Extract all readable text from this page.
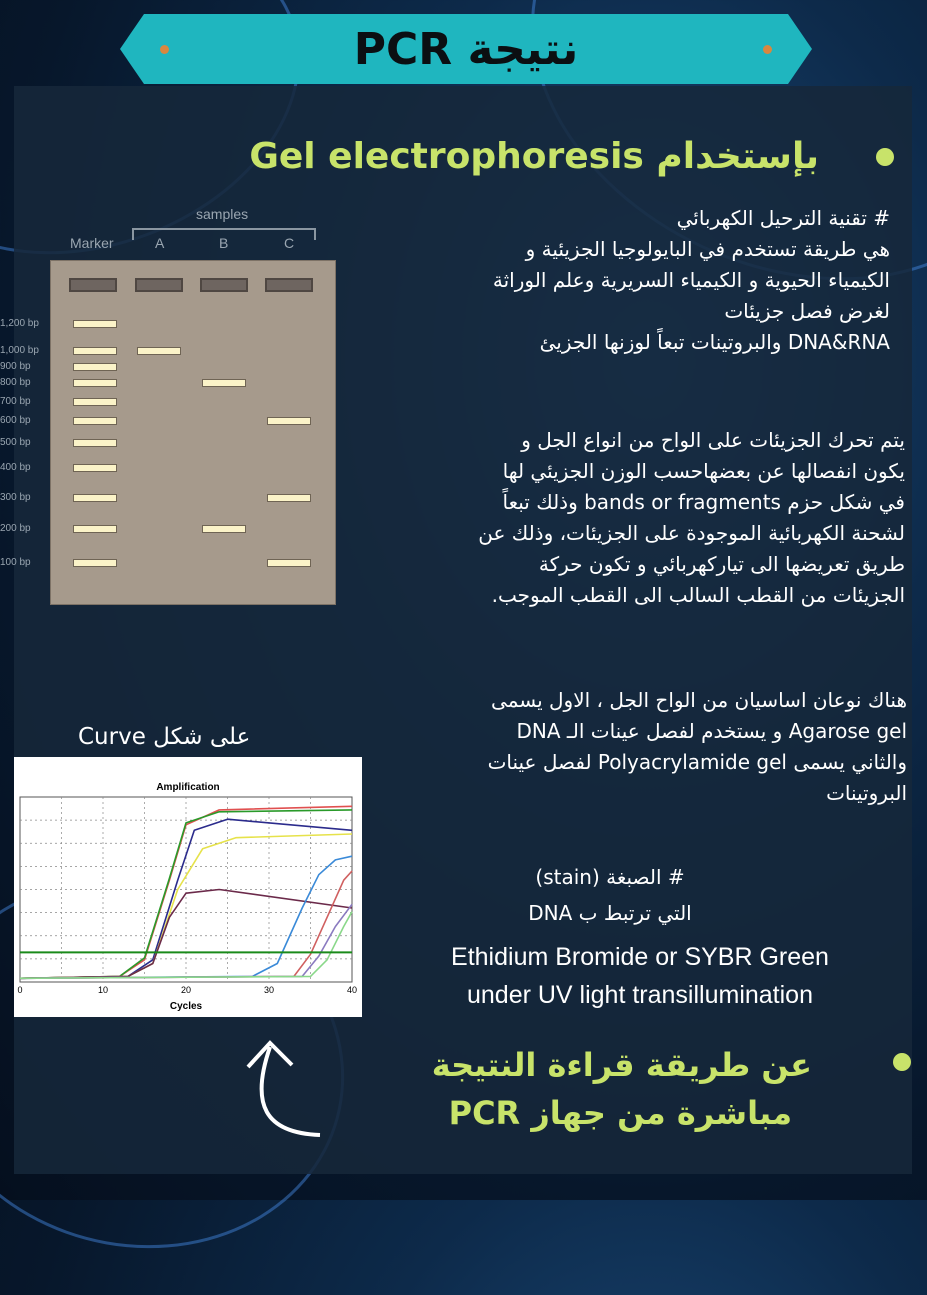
نتيجة PCR
بإستخدام Gel electrophoresis
samples
Marker	A	B	C
1,200 bp
1,000 bp
900 bp
800 bp
700 bp
600 bp
500 bp
400 bp
300 bp
200 bp
100 bp
# تقنية الترحيل الكهربائي
هي طريقة تستخدم في البايولوجيا الجزيئية و
الكيمياء الحيوية و الكيمياء السريرية وعلم الوراثة
لغرض فصل جزيئات
DNA&RNA والبروتينات تبعاً لوزنها الجزيئ
يتم تحرك الجزيئات على الواح من انواع الجل و
يكون انفصالها عن بعضهاحسب الوزن الجزيئي لها
في شكل حزم bands or fragments وذلك تبعاً
لشحنة الكهربائية الموجودة على الجزيئات، وذلك عن
طريق تعريضها الى تياركهربائي و تكون حركة
الجزيئات من القطب السالب الى القطب الموجب.
هناك نوعان اساسيان من الواح الجل ، الاول يسمى
Agarose gel و يستخدم لفصل عينات الـ DNA
والثاني يسمى Polyacrylamide gel لفصل عينات
البروتينات
# الصبغة (stain)
التي ترتبط ب DNA
Ethidium Bromide or SYBR Green
under UV light transillumination
على شكل Curve
Amplification
0	10	20	30	40
Cycles
عن طريقة قراءة النتيجة
مباشرة من جهاز PCR
